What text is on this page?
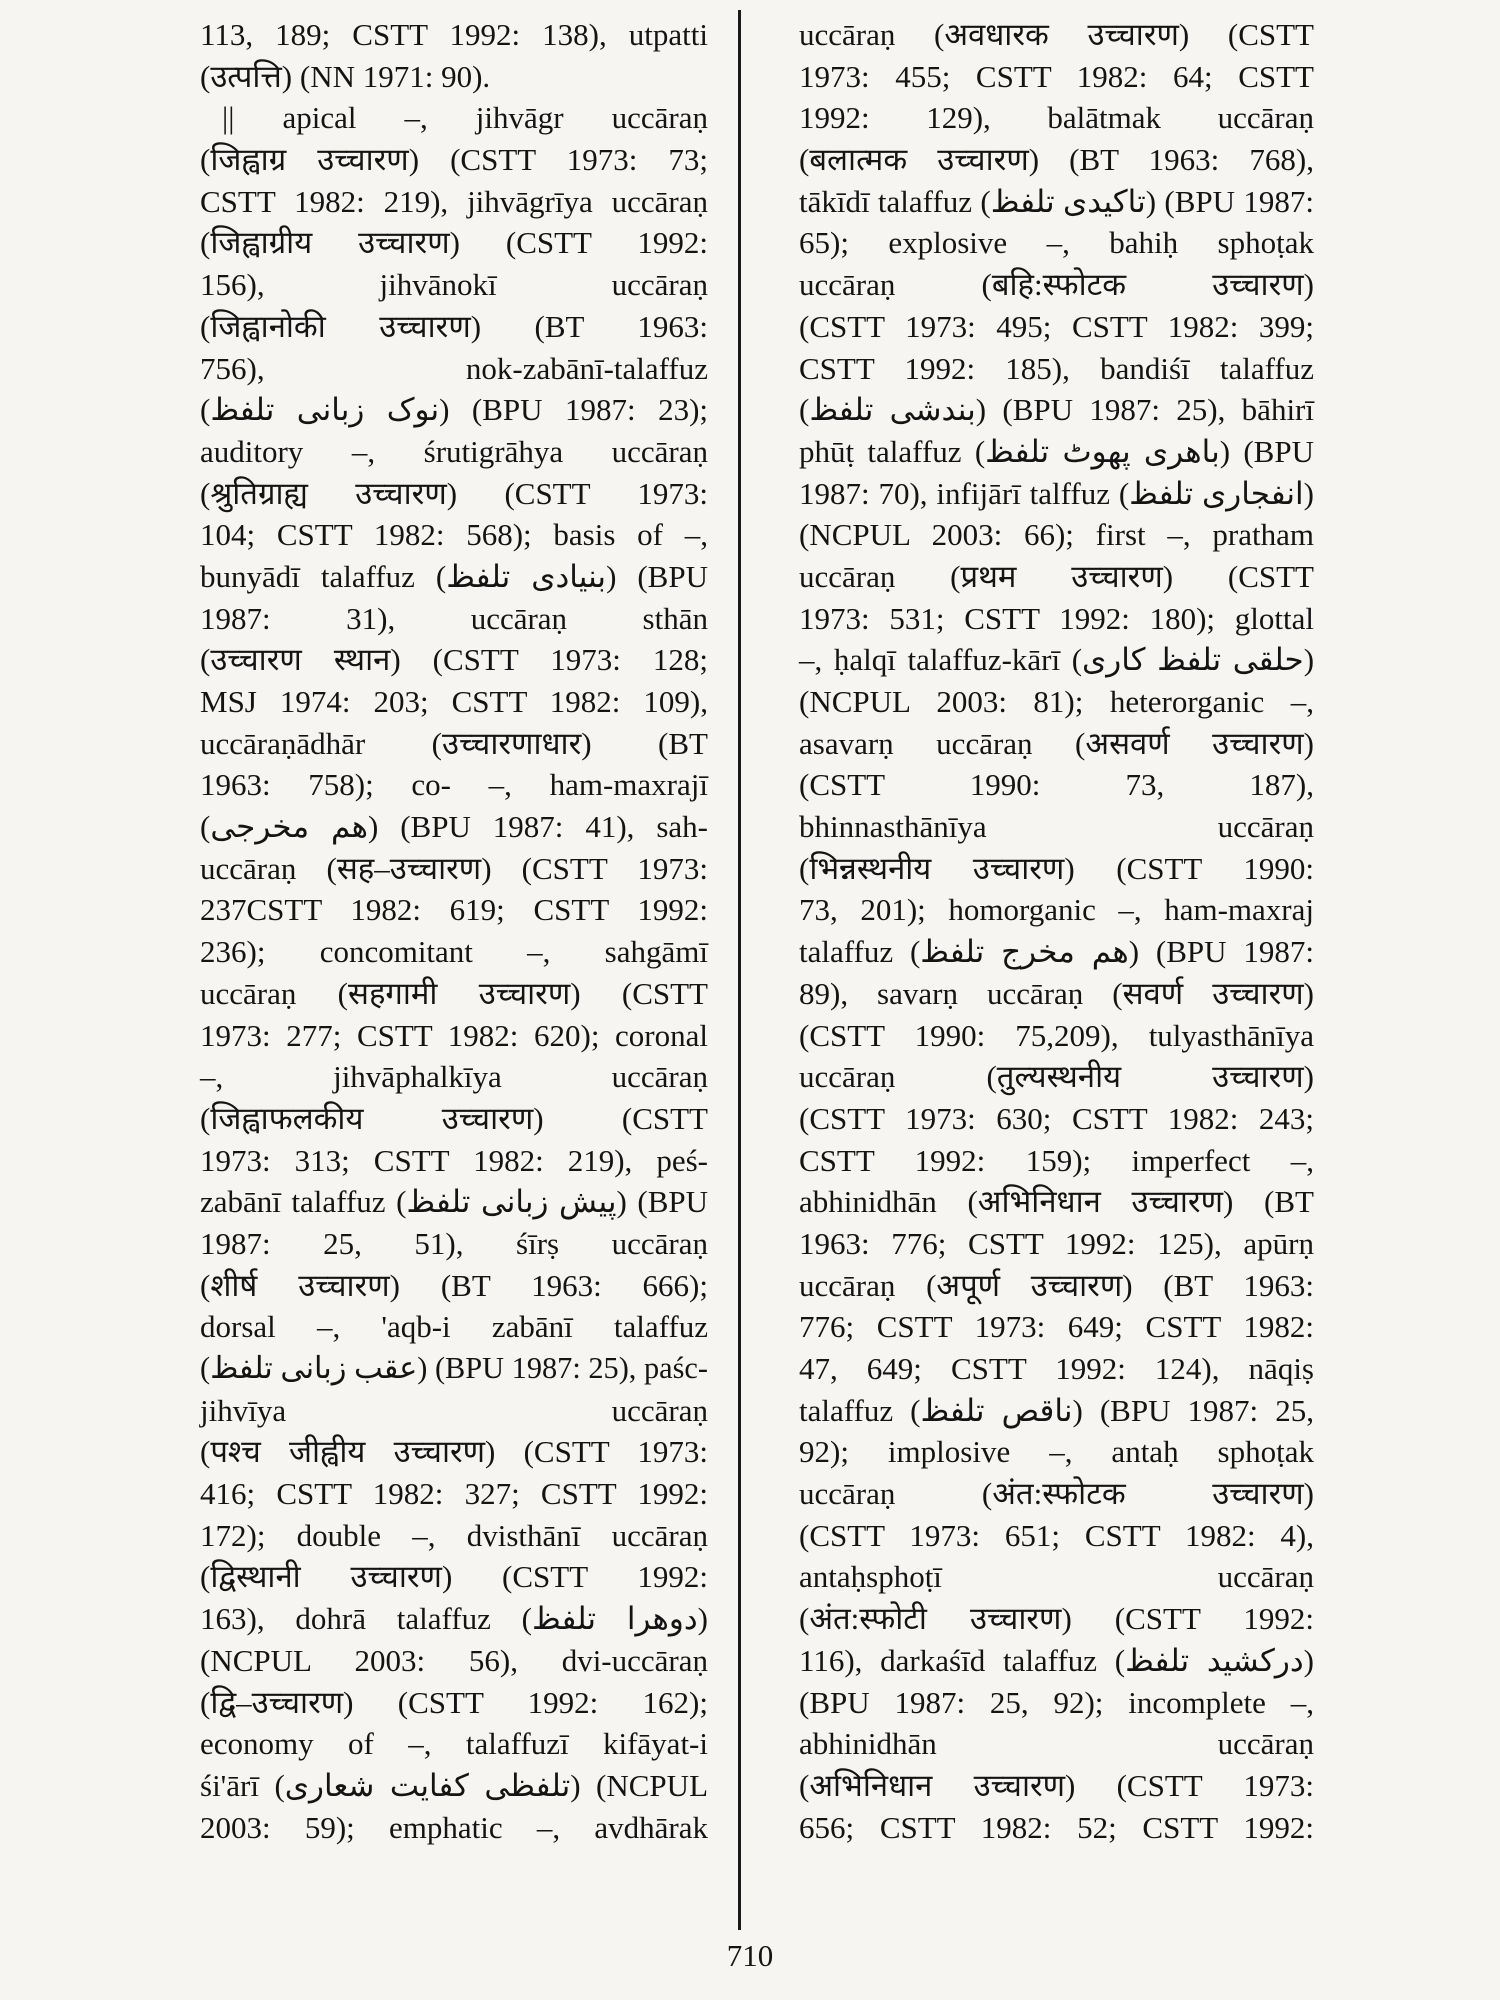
113, 189; CSTT 1992: 138), utpatti
(उत्पत्ति) (NN 1971: 90).
|| apical –, jihvāgr uccāraṇ
(जिह्वाग्र उच्चारण) (CSTT 1973: 73;
CSTT 1982: 219), jihvāgrīya uccāraṇ
(जिह्वाग्रीय उच्चारण) (CSTT 1992:
156), jihvānokī uccāraṇ
(जिह्वानोकी उच्चारण) (BT 1963:
756), nok-zabānī-talaffuz
(نوک زبانی تلفظ) (BPU 1987: 23);
auditory –, śrutigrāhya uccāraṇ
(श्रुतिग्राह्य उच्चारण) (CSTT 1973:
104; CSTT 1982: 568); basis of –,
bunyādī talaffuz (بنیادی تلفظ) (BPU
1987: 31), uccāraṇ sthān
(उच्चारण स्थान) (CSTT 1973: 128;
MSJ 1974: 203; CSTT 1982: 109),
uccāraṇādhār (उच्चारणाधार) (BT
1963: 758); co- –, ham-maxrajī
(هم مخرجی) (BPU 1987: 41), sah-
uccāraṇ (सह–उच्चारण) (CSTT 1973:
237CSTT 1982: 619; CSTT 1992:
236); concomitant –, sahgāmī
uccāraṇ (सहगामी उच्चारण) (CSTT
1973: 277; CSTT 1982: 620); coronal
–, jihvāphalkīya uccāraṇ
(जिह्वाफलकीय उच्चारण) (CSTT
1973: 313; CSTT 1982: 219), peś-
zabānī talaffuz (پیش زبانی تلفظ) (BPU
1987: 25, 51), śīrṣ uccāraṇ
(शीर्ष उच्चारण) (BT 1963: 666);
dorsal –, 'aqb-i zabānī talaffuz
(عقب زبانی تلفظ) (BPU 1987: 25), paśc-
jihvīya uccāraṇ
(पश्च जीह्वीय उच्चारण) (CSTT 1973:
416; CSTT 1982: 327; CSTT 1992:
172); double –, dvisthānī uccāraṇ
(द्विस्थानी उच्चारण) (CSTT 1992:
163), dohrā talaffuz (دوهرا تلفظ)
(NCPUL 2003: 56), dvi-uccāraṇ
(द्वि–उच्चारण) (CSTT 1992: 162);
economy of –, talaffuzī kifāyat-i
śi'ārī (تلفظی کفایت شعاری) (NCPUL
2003: 59); emphatic –, avdhārak
uccāraṇ (अवधारक उच्चारण) (CSTT
1973: 455; CSTT 1982: 64; CSTT
1992: 129), balātmak uccāraṇ
(बलात्मक उच्चारण) (BT 1963: 768),
tākīdī talaffuz (تاکیدی تلفظ) (BPU 1987:
65); explosive –, bahiḥ sphoṭak
uccāraṇ (बहि:स्फोटक उच्चारण)
(CSTT 1973: 495; CSTT 1982: 399;
CSTT 1992: 185), bandiśī talaffuz
(بندشی تلفظ) (BPU 1987: 25), bāhirī
phūṭ talaffuz (باهری پهوٹ تلفظ) (BPU
1987: 70), infijārī talffuz (انفجاری تلفظ)
(NCPUL 2003: 66); first –, pratham
uccāraṇ (प्रथम उच्चारण) (CSTT
1973: 531; CSTT 1992: 180); glottal
–, ḥalqī talaffuz-kārī (حلقی تلفظ کاری)
(NCPUL 2003: 81); heterorganic –,
asavarṇ uccāraṇ (असवर्ण उच्चारण)
(CSTT 1990: 73, 187),
bhinnasthānīya uccāraṇ
(भिन्नस्थनीय उच्चारण) (CSTT 1990:
73, 201); homorganic –, ham-maxraj
talaffuz (هم مخرج تلفظ) (BPU 1987:
89), savarṇ uccāraṇ (सवर्ण उच्चारण)
(CSTT 1990: 75,209), tulyasthānīya
uccāraṇ (तुल्यस्थनीय उच्चारण)
(CSTT 1973: 630; CSTT 1982: 243;
CSTT 1992: 159); imperfect –,
abhinidhān (अभिनिधान उच्चारण) (BT
1963: 776; CSTT 1992: 125), apūrṇ
uccāraṇ (अपूर्ण उच्चारण) (BT 1963:
776; CSTT 1973: 649; CSTT 1982:
47, 649; CSTT 1992: 124), nāqiṣ
talaffuz (ناقص تلفظ) (BPU 1987: 25,
92); implosive –, antaḥ sphoṭak
uccāraṇ (अंत:स्फोटक उच्चारण)
(CSTT 1973: 651; CSTT 1982: 4),
antaḥsphoṭī uccāraṇ
(अंत:स्फोटी उच्चारण) (CSTT 1992:
116), darkaśīd talaffuz (درکشید تلفظ)
(BPU 1987: 25, 92); incomplete –,
abhinidhān uccāraṇ
(अभिनिधान उच्चारण) (CSTT 1973:
656; CSTT 1982: 52; CSTT 1992:
710
